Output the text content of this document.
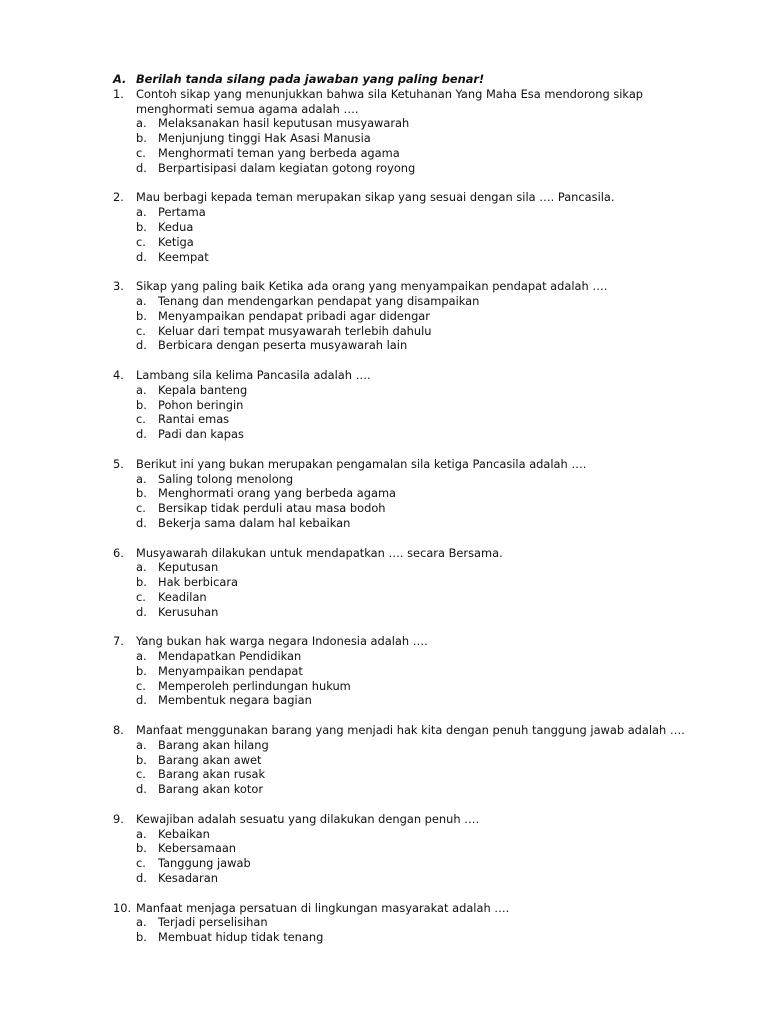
A. Berilah tanda silang pada jawaban yang paling benar!
1. Contoh sikap yang menunjukkan bahwa sila Ketuhanan Yang Maha Esa mendorong sikap
menghormati semua agama adalah ….
a. Melaksanakan hasil keputusan musyawarah
b. Menjunjung tinggi Hak Asasi Manusia
c. Menghormati teman yang berbeda agama
d. Berpartisipasi dalam kegiatan gotong royong
2. Mau berbagi kepada teman merupakan sikap yang sesuai dengan sila …. Pancasila.
a. Pertama
b. Kedua
c. Ketiga
d. Keempat
3. Sikap yang paling baik Ketika ada orang yang menyampaikan pendapat adalah ….
a. Tenang dan mendengarkan pendapat yang disampaikan
b. Menyampaikan pendapat pribadi agar didengar
c. Keluar dari tempat musyawarah terlebih dahulu
d. Berbicara dengan peserta musyawarah lain
4. Lambang sila kelima Pancasila adalah ….
a. Kepala banteng
b. Pohon beringin
c. Rantai emas
d. Padi dan kapas
5. Berikut ini yang bukan merupakan pengamalan sila ketiga Pancasila adalah ….
a. Saling tolong menolong
b. Menghormati orang yang berbeda agama
c. Bersikap tidak perduli atau masa bodoh
d. Bekerja sama dalam hal kebaikan
6. Musyawarah dilakukan untuk mendapatkan …. secara Bersama.
a. Keputusan
b. Hak berbicara
c. Keadilan
d. Kerusuhan
7. Yang bukan hak warga negara Indonesia adalah ….
a. Mendapatkan Pendidikan
b. Menyampaikan pendapat
c. Memperoleh perlindungan hukum
d. Membentuk negara bagian
8. Manfaat menggunakan barang yang menjadi hak kita dengan penuh tanggung jawab adalah ….
a. Barang akan hilang
b. Barang akan awet
c. Barang akan rusak
d. Barang akan kotor
9. Kewajiban adalah sesuatu yang dilakukan dengan penuh ….
a. Kebaikan
b. Kebersamaan
c. Tanggung jawab
d. Kesadaran
10. Manfaat menjaga persatuan di lingkungan masyarakat adalah ….
a. Terjadi perselisihan
b. Membuat hidup tidak tenang
